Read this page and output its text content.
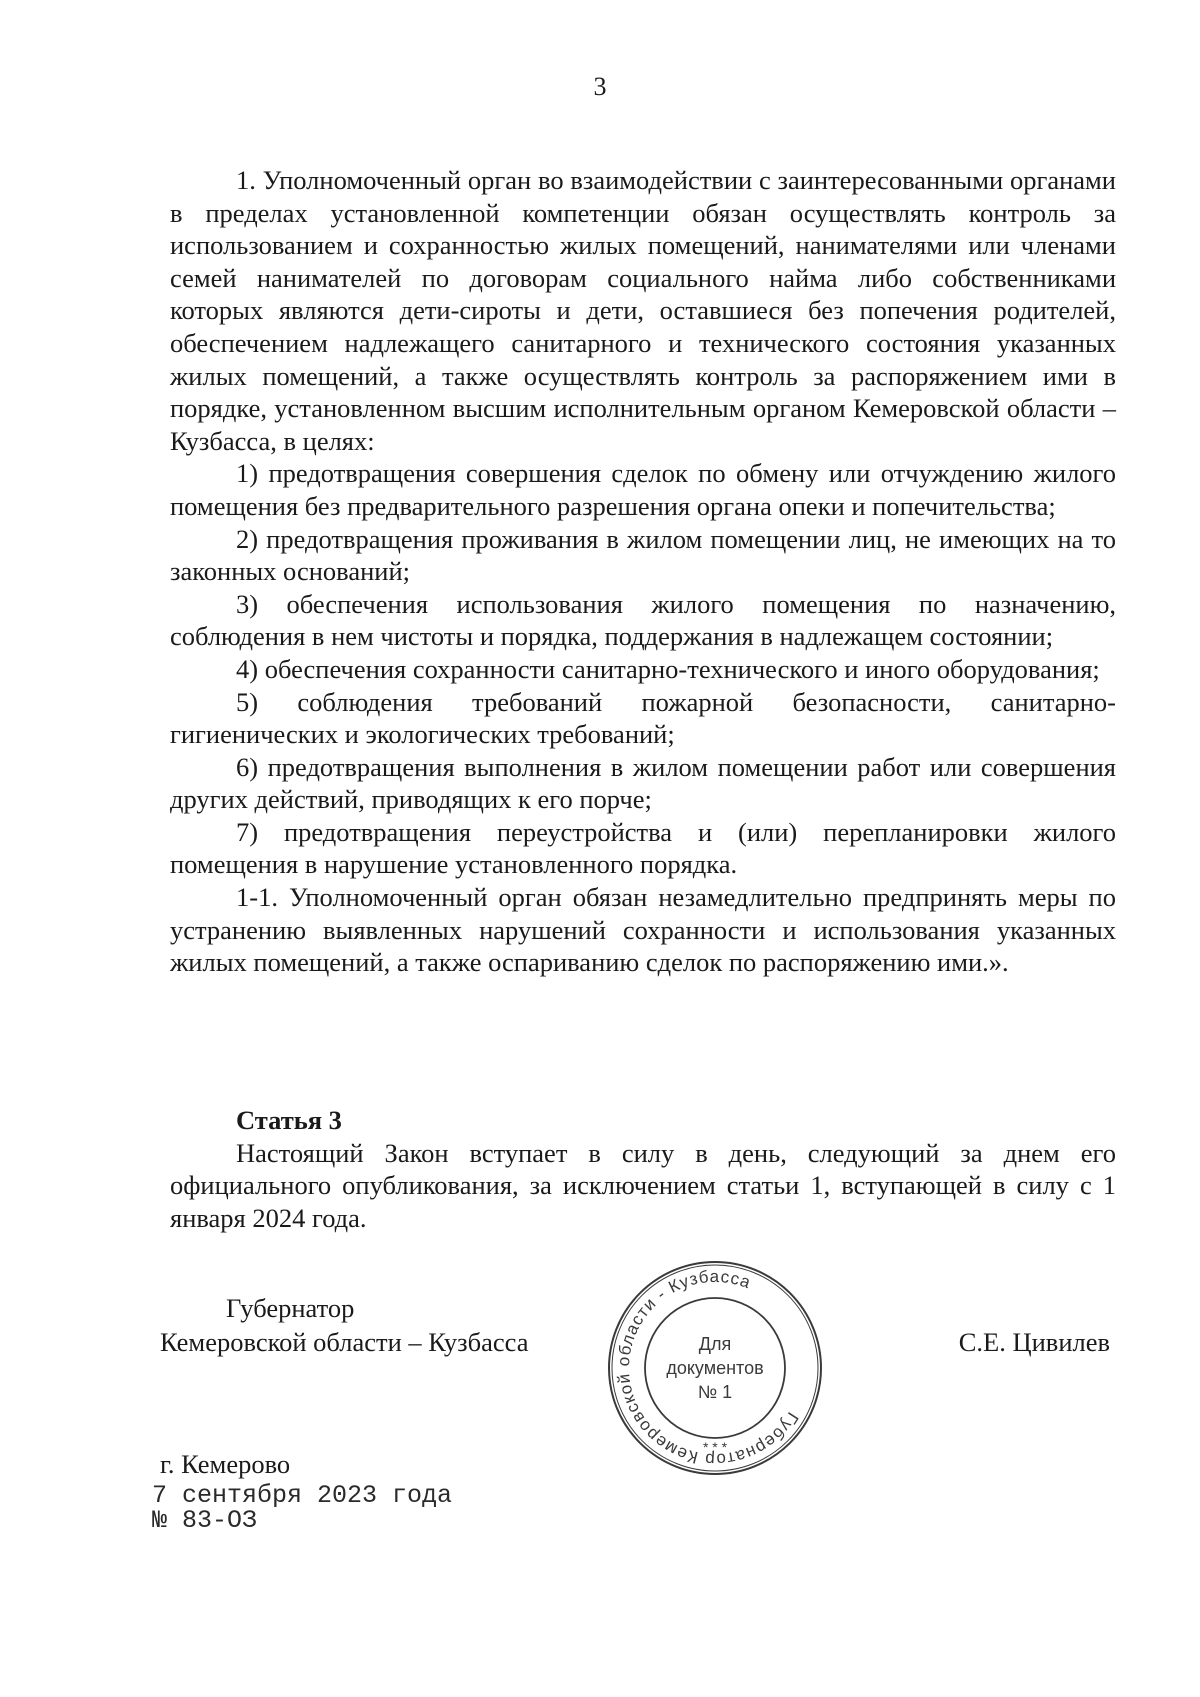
3

1. Уполномоченный орган во взаимодействии с заинтересованными органами в пределах установленной компетенции обязан осуществлять контроль за использованием и сохранностью жилых помещений, нанимателями или членами семей нанимателей по договорам социального найма либо собственниками которых являются дети-сироты и дети, оставшиеся без попечения родителей, обеспечением надлежащего санитарного и технического состояния указанных жилых помещений, а также осуществлять контроль за распоряжением ими в порядке, установленном высшим исполнительным органом Кемеровской области – Кузбасса, в целях:

1) предотвращения совершения сделок по обмену или отчуждению жилого помещения без предварительного разрешения органа опеки и попечительства;

2) предотвращения проживания в жилом помещении лиц, не имеющих на то законных оснований;

3) обеспечения использования жилого помещения по назначению, соблюдения в нем чистоты и порядка, поддержания в надлежащем состоянии;

4) обеспечения сохранности санитарно-технического и иного оборудования;

5) соблюдения требований пожарной безопасности, санитарно-гигиенических и экологических требований;

6) предотвращения выполнения в жилом помещении работ или совершения других действий, приводящих к его порче;

7) предотвращения переустройства и (или) перепланировки жилого помещения в нарушение установленного порядка.

1-1. Уполномоченный орган обязан незамедлительно предпринять меры по устранению выявленных нарушений сохранности и использования указанных жилых помещений, а также оспариванию сделок по распоряжению ими.».

Статья 3

Настоящий Закон вступает в силу в день, следующий за днем его официального опубликования, за исключением статьи 1, вступающей в силу с 1 января 2024 года.

Губернатор
Кемеровской области – Кузбасса
Губернатор Кемеровской области - Кузбасса
Для
документов
№ 1
* * *
С.Е. Цивилев
г. Кемерово
7 сентября 2023 года
№ 83-ОЗ
